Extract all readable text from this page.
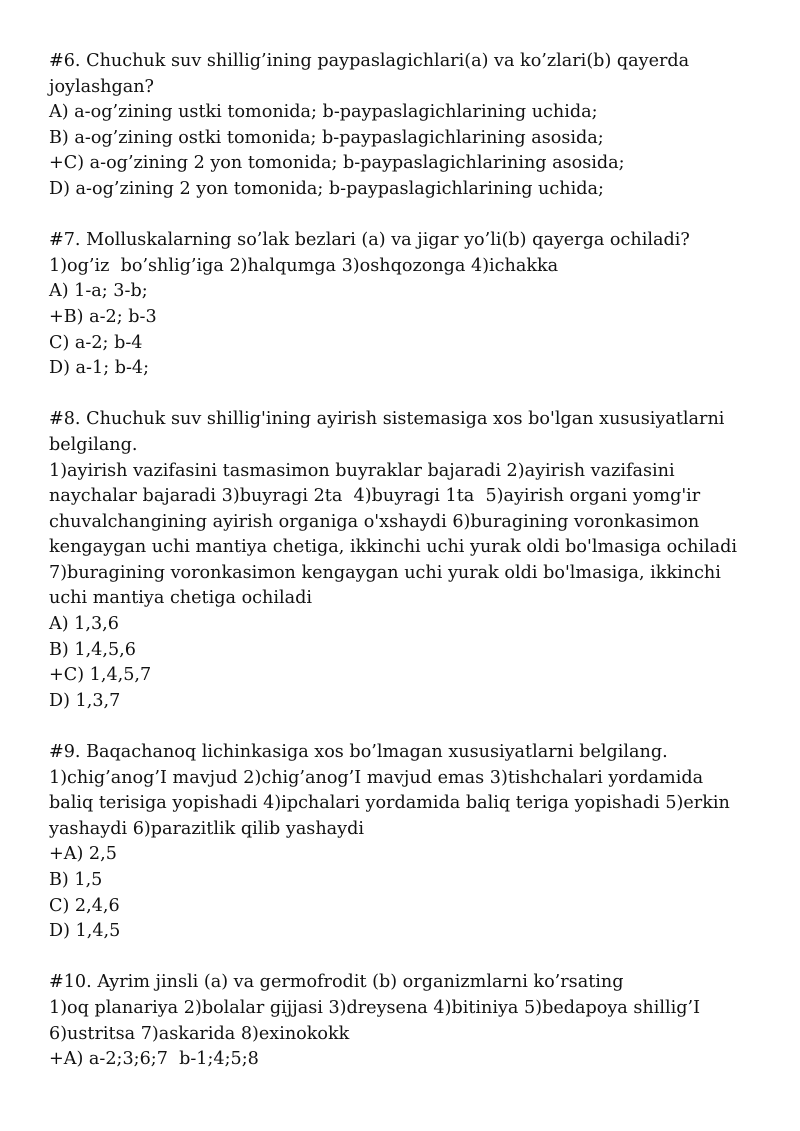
#6. Chuchuk suv shillig’ining paypaslagichlari(a) va ko’zlari(b) qayerda
joylashgan?
A) a-og’zining ustki tomonida; b-paypaslagichlarining uchida;
B) a-og’zining ostki tomonida; b-paypaslagichlarining asosida;
+C) a-og’zining 2 yon tomonida; b-paypaslagichlarining asosida;
D) a-og’zining 2 yon tomonida; b-paypaslagichlarining uchida;
#7. Molluskalarning so’lak bezlari (a) va jigar yo’li(b) qayerga ochiladi?
1)og’iz  bo’shlig’iga 2)halqumga 3)oshqozonga 4)ichakka
A) 1-a; 3-b;
+B) a-2; b-3
C) a-2; b-4
D) a-1; b-4;
#8. Chuchuk suv shillig'ining ayirish sistemasiga xos bo'lgan xususiyatlarni
belgilang.
1)ayirish vazifasini tasmasimon buyraklar bajaradi 2)ayirish vazifasini
naychalar bajaradi 3)buyragi 2ta  4)buyragi 1ta  5)ayirish organi yomg'ir
chuvalchangining ayirish organiga o'xshaydi 6)buragining voronkasimon
kengaygan uchi mantiya chetiga, ikkinchi uchi yurak oldi bo'lmasiga ochiladi
7)buragining voronkasimon kengaygan uchi yurak oldi bo'lmasiga, ikkinchi
uchi mantiya chetiga ochiladi
A) 1,3,6
B) 1,4,5,6
+C) 1,4,5,7
D) 1,3,7
#9. Baqachanoq lichinkasiga xos bo’lmagan xususiyatlarni belgilang.
1)chig’anog’I mavjud 2)chig’anog’I mavjud emas 3)tishchalari yordamida
baliq terisiga yopishadi 4)ipchalari yordamida baliq teriga yopishadi 5)erkin
yashaydi 6)parazitlik qilib yashaydi
+A) 2,5
B) 1,5
C) 2,4,6
D) 1,4,5
#10. Ayrim jinsli (a) va germofrodit (b) organizmlarni ko’rsating
1)oq planariya 2)bolalar gijjasi 3)dreysena 4)bitiniya 5)bedapoya shillig’I
6)ustritsa 7)askarida 8)exinokokk
+A) a-2;3;6;7  b-1;4;5;8
